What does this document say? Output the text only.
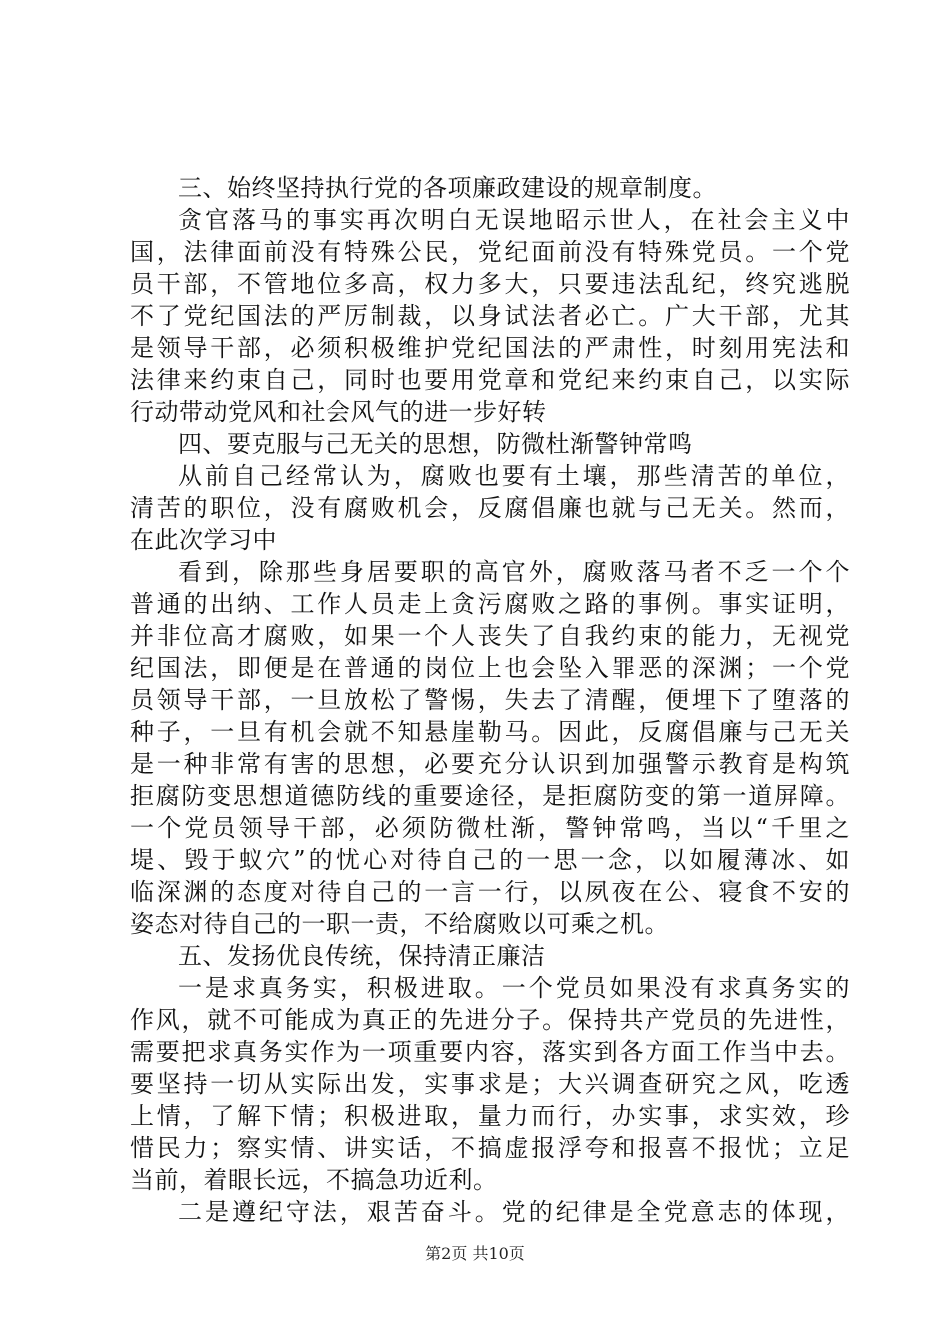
三、始终坚持执行党的各项廉政建设的规章制度。
贪官落马的事实再次明白无误地昭示世人，在社会主义中
国，法律面前没有特殊公民，党纪面前没有特殊党员。一个党
员干部，不管地位多高，权力多大，只要违法乱纪，终究逃脱
不了党纪国法的严厉制裁，以身试法者必亡。广大干部，尤其
是领导干部，必须积极维护党纪国法的严肃性，时刻用宪法和
法律来约束自己，同时也要用党章和党纪来约束自己，以实际
行动带动党风和社会风气的进一步好转
四、要克服与己无关的思想，防微杜渐警钟常鸣
从前自己经常认为，腐败也要有土壤，那些清苦的单位，
清苦的职位，没有腐败机会，反腐倡廉也就与己无关。然而，
在此次学习中
看到，除那些身居要职的高官外，腐败落马者不乏一个个
普通的出纳、工作人员走上贪污腐败之路的事例。事实证明，
并非位高才腐败，如果一个人丧失了自我约束的能力，无视党
纪国法，即便是在普通的岗位上也会坠入罪恶的深渊；一个党
员领导干部，一旦放松了警惕，失去了清醒，便埋下了堕落的
种子，一旦有机会就不知悬崖勒马。因此，反腐倡廉与己无关
是一种非常有害的思想，必要充分认识到加强警示教育是构筑
拒腐防变思想道德防线的重要途径，是拒腐防变的第一道屏障。
一个党员领导干部，必须防微杜渐，警钟常鸣，当以“千里之
堤、毁于蚁穴”的忧心对待自己的一思一念，以如履薄冰、如
临深渊的态度对待自己的一言一行，以夙夜在公、寝食不安的
姿态对待自己的一职一责，不给腐败以可乘之机。
五、发扬优良传统，保持清正廉洁
一是求真务实，积极进取。一个党员如果没有求真务实的
作风，就不可能成为真正的先进分子。保持共产党员的先进性，
需要把求真务实作为一项重要内容，落实到各方面工作当中去。
要坚持一切从实际出发，实事求是；大兴调查研究之风，吃透
上情，了解下情；积极进取，量力而行，办实事，求实效，珍
惜民力；察实情、讲实话，不搞虚报浮夸和报喜不报忧；立足
当前，着眼长远，不搞急功近利。
二是遵纪守法，艰苦奋斗。党的纪律是全党意志的体现，
第2页 共10页
